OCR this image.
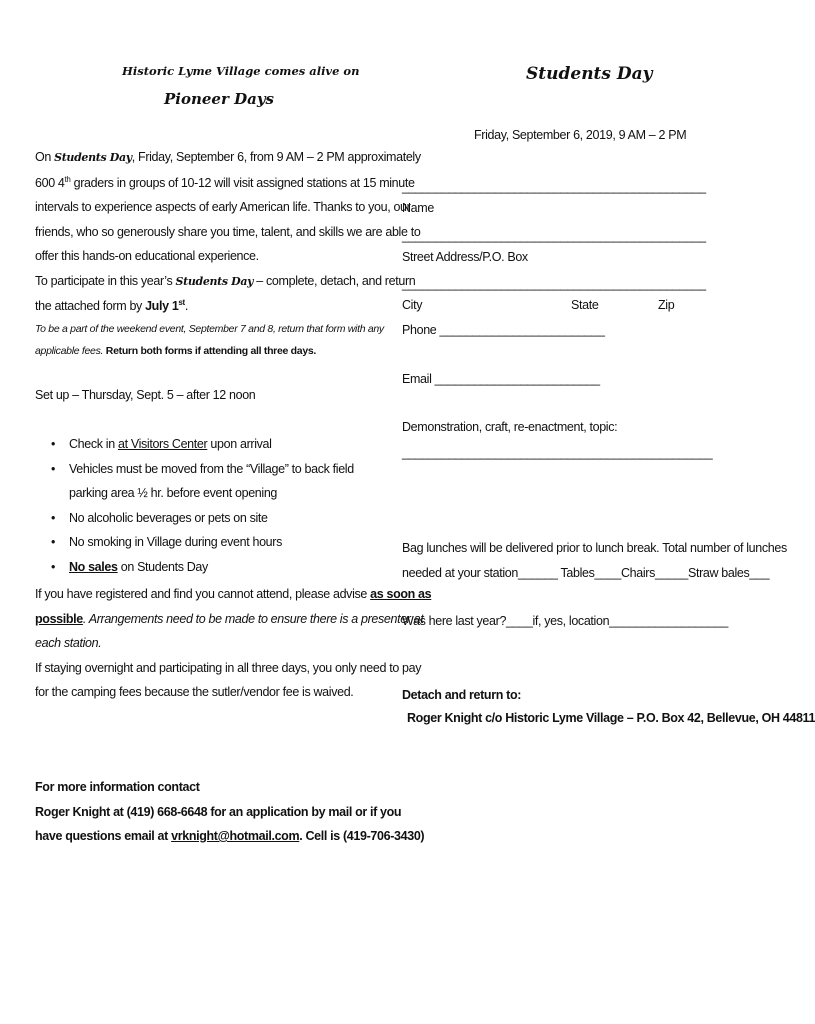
Historic Lyme Village comes alive on
Pioneer Days
On Students Day, Friday, September 6, from 9 AM – 2 PM approximately
600 4th graders in groups of 10-12 will visit assigned stations at 15 minute
intervals to experience aspects of early American life. Thanks to you, our
friends, who so generously share you time, talent, and skills we are able to
offer this hands-on educational experience.
To participate in this year’s Students Day – complete, detach, and return
the attached form by July 1st.
To be a part of the weekend event, September 7 and 8, return that form with any
applicable fees. Return both forms if attending all three days.
Set up – Thursday, Sept. 5 – after 12 noon
• Check in at Visitors Center upon arrival
• Vehicles must be moved from the “Village” to back field
parking area ½ hr. before event opening
• No alcoholic beverages or pets on site
• No smoking in Village during event hours
• No sales on Students Day
If you have registered and find you cannot attend, please advise as soon as
possible. Arrangements need to be made to ensure there is a presenter at
each station.
If staying overnight and participating in all three days, you only need to pay
for the camping fees because the sutler/vendor fee is waived.
For more information contact
Roger Knight at (419) 668-6648 for an application by mail or if you
have questions email at vrknight@hotmail.com. Cell is (419-706-3430)
Students Day
Friday, September 6, 2019, 9 AM – 2 PM
______________________________________________
Name
______________________________________________
Street Address/P.O. Box
______________________________________________
City	State	Zip
Phone _________________________
Email _________________________
Demonstration, craft, re-enactment, topic:
_______________________________________________
Bag lunches will be delivered prior to lunch break. Total number of lunches
needed at your station______ Tables____Chairs_____Straw bales___
Was here last year?____if, yes, location__________________
Detach and return to:
Roger Knight c/o Historic Lyme Village – P.O. Box 42, Bellevue, OH 44811
